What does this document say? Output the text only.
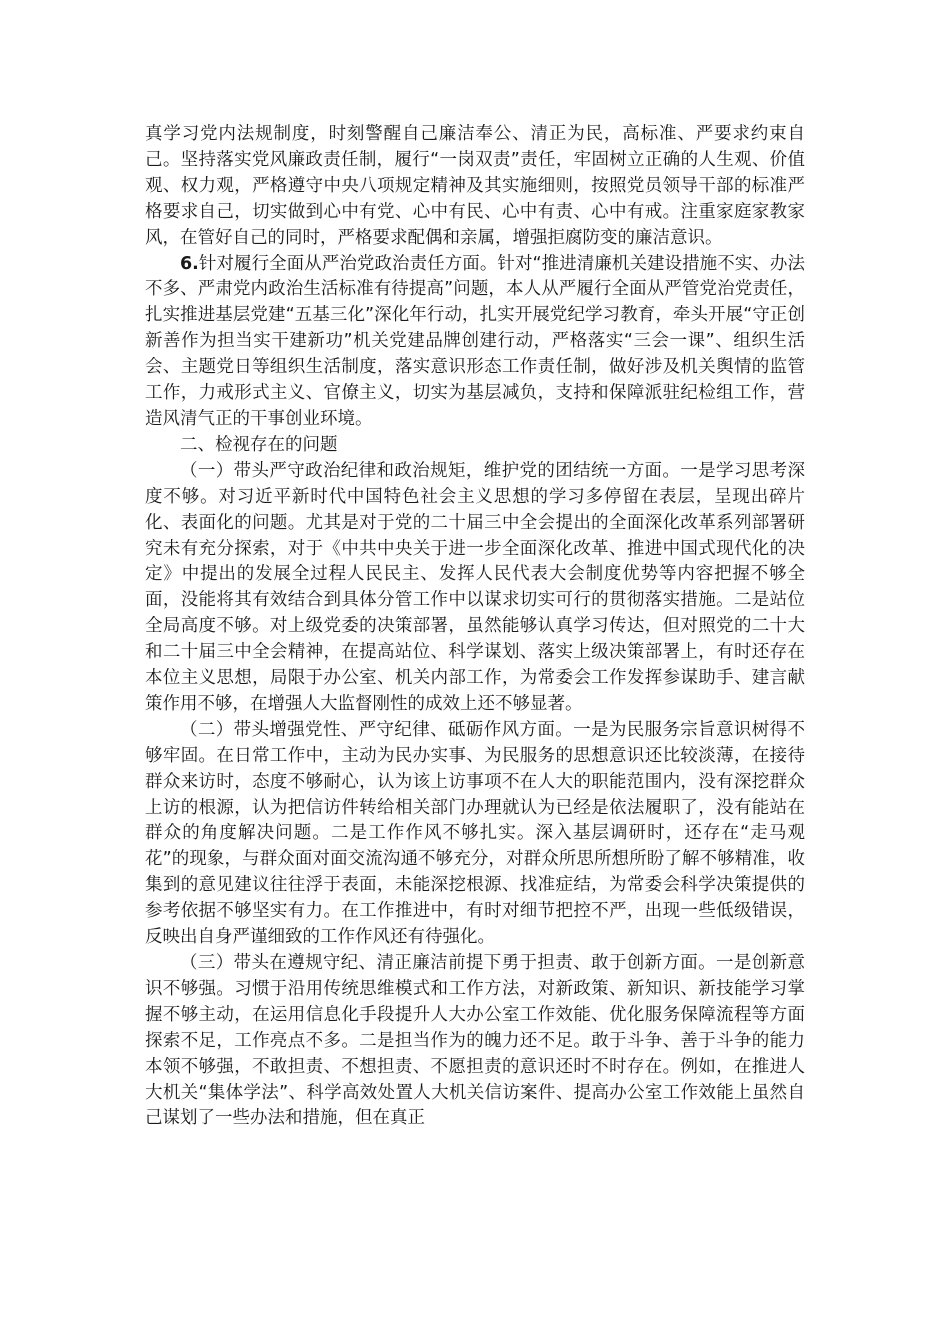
真学习党内法规制度，时刻警醒自己廉洁奉公、清正为民，高标准、严要求约束自己。坚持落实党风廉政责任制，履行“一岗双责”责任，牢固树立正确的人生观、价值观、权力观，严格遵守中央八项规定精神及其实施细则，按照党员领导干部的标准严格要求自己，切实做到心中有党、心中有民、心中有责、心中有戒。注重家庭家教家风，在管好自己的同时，严格要求配偶和亲属，增强拒腐防变的廉洁意识。

6.针对履行全面从严治党政治责任方面。针对“推进清廉机关建设措施不实、办法不多、严肃党内政治生活标准有待提高”问题，本人从严履行全面从严管党治党责任，扎实推进基层党建“五基三化”深化年行动，扎实开展党纪学习教育，牵头开展“守正创新善作为担当实干建新功”机关党建品牌创建行动，严格落实“三会一课”、组织生活会、主题党日等组织生活制度，落实意识形态工作责任制，做好涉及机关舆情的监管工作，力戒形式主义、官僚主义，切实为基层减负，支持和保障派驻纪检组工作，营造风清气正的干事创业环境。

二、检视存在的问题

（一）带头严守政治纪律和政治规矩，维护党的团结统一方面。一是学习思考深度不够。对习近平新时代中国特色社会主义思想的学习多停留在表层，呈现出碎片化、表面化的问题。尤其是对于党的二十届三中全会提出的全面深化改革系列部署研究未有充分探索，对于《中共中央关于进一步全面深化改革、推进中国式现代化的决定》中提出的发展全过程人民民主、发挥人民代表大会制度优势等内容把握不够全面，没能将其有效结合到具体分管工作中以谋求切实可行的贯彻落实措施。二是站位全局高度不够。对上级党委的决策部署，虽然能够认真学习传达，但对照党的二十大和二十届三中全会精神，在提高站位、科学谋划、落实上级决策部署上，有时还存在本位主义思想，局限于办公室、机关内部工作，为常委会工作发挥参谋助手、建言献策作用不够，在增强人大监督刚性的成效上还不够显著。

（二）带头增强党性、严守纪律、砥砺作风方面。一是为民服务宗旨意识树得不够牢固。在日常工作中，主动为民办实事、为民服务的思想意识还比较淡薄，在接待群众来访时，态度不够耐心，认为该上访事项不在人大的职能范围内，没有深挖群众上访的根源，认为把信访件转给相关部门办理就认为已经是依法履职了，没有能站在群众的角度解决问题。二是工作作风不够扎实。深入基层调研时，还存在“走马观花”的现象，与群众面对面交流沟通不够充分，对群众所思所想所盼了解不够精准，收集到的意见建议往往浮于表面，未能深挖根源、找准症结，为常委会科学决策提供的参考依据不够坚实有力。在工作推进中，有时对细节把控不严，出现一些低级错误，反映出自身严谨细致的工作作风还有待强化。

（三）带头在遵规守纪、清正廉洁前提下勇于担责、敢于创新方面。一是创新意识不够强。习惯于沿用传统思维模式和工作方法，对新政策、新知识、新技能学习掌握不够主动，在运用信息化手段提升人大办公室工作效能、优化服务保障流程等方面探索不足，工作亮点不多。二是担当作为的魄力还不足。敢于斗争、善于斗争的能力本领不够强，不敢担责、不想担责、不愿担责的意识还时不时存在。例如，在推进人大机关“集体学法”、科学高效处置人大机关信访案件、提高办公室工作效能上虽然自己谋划了一些办法和措施，但在真正
